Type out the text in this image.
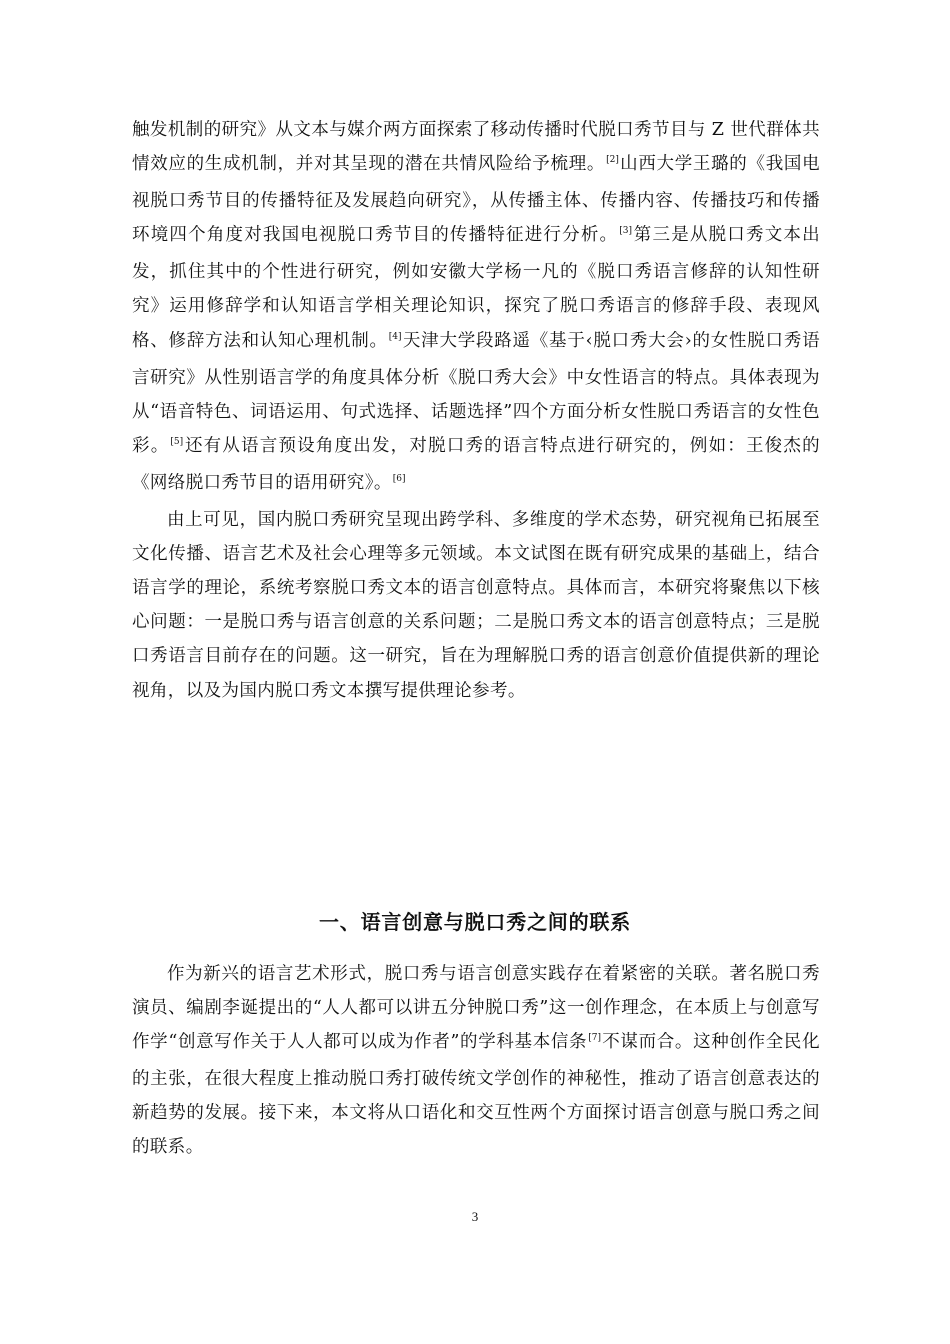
触发机制的研究》从文本与媒介两方面探索了移动传播时代脱口秀节目与 Z 世代群体共情效应的生成机制，并对其呈现的潜在共情风险给予梳理。[2]山西大学王璐的《我国电视脱口秀节目的传播特征及发展趋向研究》，从传播主体、传播内容、传播技巧和传播环境四个角度对我国电视脱口秀节目的传播特征进行分析。[3]第三是从脱口秀文本出发，抓住其中的个性进行研究，例如安徽大学杨一凡的《脱口秀语言修辞的认知性研究》运用修辞学和认知语言学相关理论知识，探究了脱口秀语言的修辞手段、表现风格、修辞方法和认知心理机制。[4]天津大学段路遥《基于‹脱口秀大会›的女性脱口秀语言研究》从性别语言学的角度具体分析《脱口秀大会》中女性语言的特点。具体表现为从“语音特色、词语运用、句式选择、话题选择”四个方面分析女性脱口秀语言的女性色彩。[5]还有从语言预设角度出发，对脱口秀的语言特点进行研究的，例如：王俊杰的《网络脱口秀节目的语用研究》。[6]

由上可见，国内脱口秀研究呈现出跨学科、多维度的学术态势，研究视角已拓展至文化传播、语言艺术及社会心理等多元领域。本文试图在既有研究成果的基础上，结合语言学的理论，系统考察脱口秀文本的语言创意特点。具体而言，本研究将聚焦以下核心问题：一是脱口秀与语言创意的关系问题；二是脱口秀文本的语言创意特点；三是脱口秀语言目前存在的问题。这一研究，旨在为理解脱口秀的语言创意价值提供新的理论视角，以及为国内脱口秀文本撰写提供理论参考。

一、语言创意与脱口秀之间的联系

作为新兴的语言艺术形式，脱口秀与语言创意实践存在着紧密的关联。著名脱口秀演员、编剧李诞提出的“人人都可以讲五分钟脱口秀”这一创作理念，在本质上与创意写作学“创意写作关于人人都可以成为作者”的学科基本信条[7]不谋而合。这种创作全民化的主张，在很大程度上推动脱口秀打破传统文学创作的神秘性，推动了语言创意表达的新趋势的发展。接下来，本文将从口语化和交互性两个方面探讨语言创意与脱口秀之间的联系。

3
